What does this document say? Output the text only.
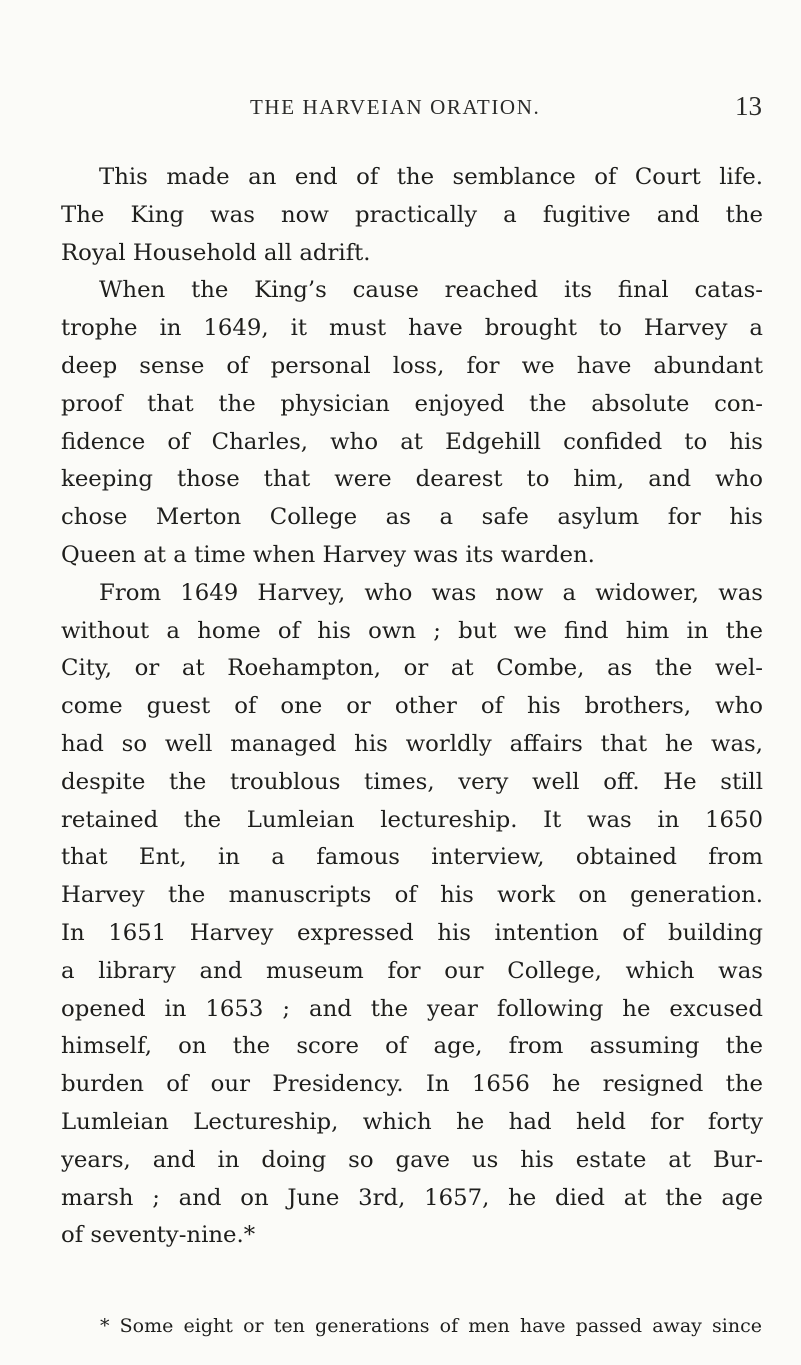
THE HARVEIAN ORATION.	13
This made an end of the semblance of Court life.
The King was now practically a fugitive and the
Royal Household all adrift.
When the King’s cause reached its final catas-
trophe in 1649, it must have brought to Harvey a
deep sense of personal loss, for we have abundant
proof that the physician enjoyed the absolute con-
fidence of Charles, who at Edgehill confided to his
keeping those that were dearest to him, and who
chose Merton College as a safe asylum for his
Queen at a time when Harvey was its warden.
From 1649 Harvey, who was now a widower, was
without a home of his own ; but we find him in the
City, or at Roehampton, or at Combe, as the wel-
come guest of one or other of his brothers, who
had so well managed his worldly affairs that he was,
despite the troublous times, very well off. He still
retained the Lumleian lectureship. It was in 1650
that Ent, in a famous interview, obtained from
Harvey the manuscripts of his work on generation.
In 1651 Harvey expressed his intention of building
a library and museum for our College, which was
opened in 1653 ; and the year following he excused
himself, on the score of age, from assuming the
burden of our Presidency. In 1656 he resigned the
Lumleian Lectureship, which he had held for forty
years, and in doing so gave us his estate at Bur-
marsh ; and on June 3rd, 1657, he died at the age
of seventy-nine.*
* Some eight or ten generations of men have passed away since
